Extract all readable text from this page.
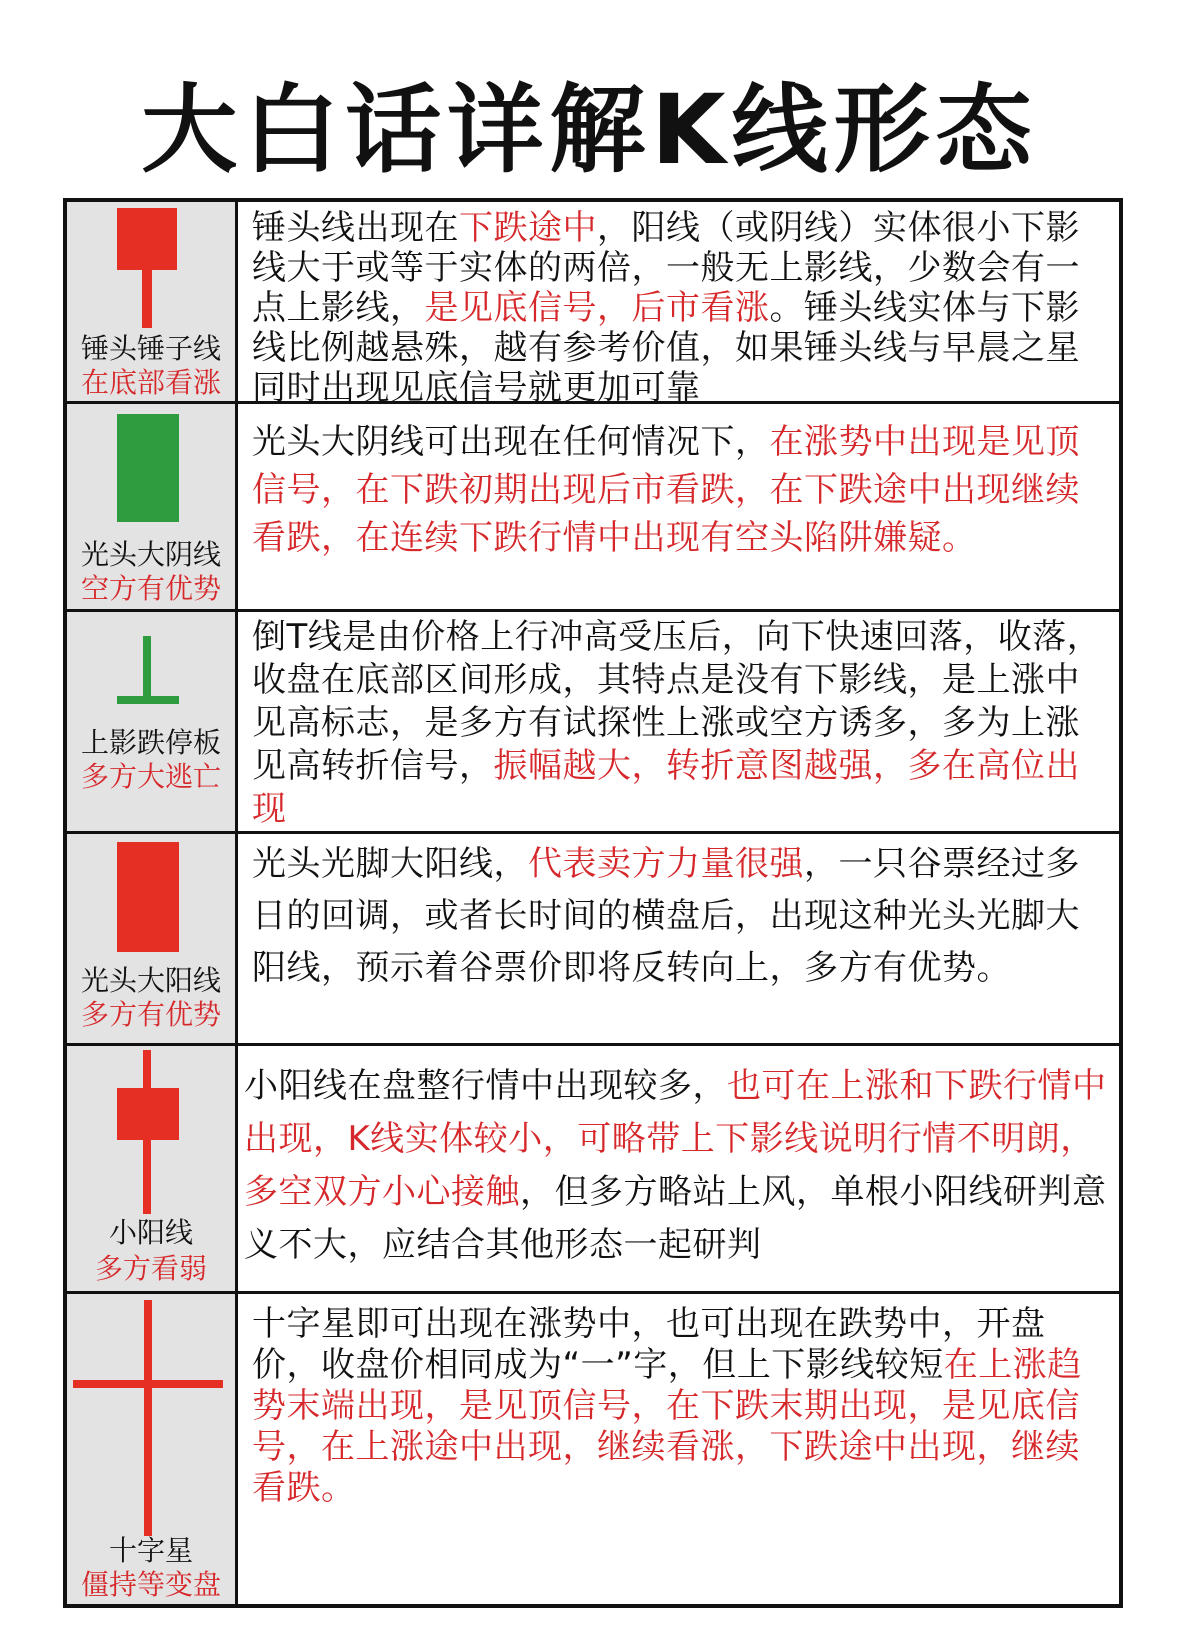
大白话详解K线形态
锤头锤子线
在底部看涨

锤头线出现在下跌途中，阳线（或阴线）实体很小下影线大于或等于实体的两倍，一般无上影线，少数会有一点上影线，是见底信号，后市看涨。锤头线实体与下影线比例越悬殊，越有参考价值，如果锤头线与早晨之星同时出现见底信号就更加可靠

光头大阴线
空方有优势

光头大阴线可出现在任何情况下，在涨势中出现是见顶信号，在下跌初期出现后市看跌，在下跌途中出现继续看跌，在连续下跌行情中出现有空头陷阱嫌疑。

上影跌停板
多方大逃亡

倒T线是由价格上行冲高受压后，向下快速回落，收落，收盘在底部区间形成，其特点是没有下影线，是上涨中见高标志，是多方有试探性上涨或空方诱多，多为上涨见高转折信号，振幅越大，转折意图越强，多在高位出现

光头大阳线
多方有优势

光头光脚大阳线，代表卖方力量很强，一只谷票经过多日的回调，或者长时间的横盘后，出现这种光头光脚大阳线，预示着谷票价即将反转向上，多方有优势。

小阳线
多方看弱

小阳线在盘整行情中出现较多，也可在上涨和下跌行情中出现，K线实体较小，可略带上下影线说明行情不明朗，多空双方小心接触，但多方略站上风，单根小阳线研判意义不大，应结合其他形态一起研判

十字星
僵持等变盘

十字星即可出现在涨势中，也可出现在跌势中，开盘价，收盘价相同成为“一”字，但上下影线较短在上涨趋势末端出现，是见顶信号，在下跌末期出现，是见底信号，在上涨途中出现，继续看涨，下跌途中出现，继续看跌。
